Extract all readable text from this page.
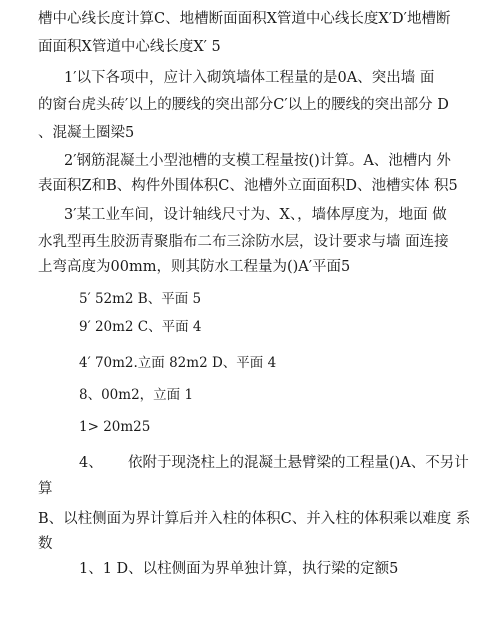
槽中心线长度计算C、地槽断面面积X管道中心线长度X′D′地槽断
面面积X管道中心线长度X′ 5
1′以下各项中，应计入砌筑墙体工程量的是0A、突出墙 面
的窗台虎头砖′以上的腰线的突出部分C′以上的腰线的突出部分 D
、混凝土圈梁5
2′钢筋混凝土小型池槽的支模工程量按()计算。A、池槽内 外
表面积Z和B、构件外围体积C、池槽外立面面积D、池槽实体 积5
3′某工业车间，设计轴线尺寸为、X、，墙体厚度为，地面 做
水乳型再生胶沥青聚脂布二布三涂防水层，设计要求与墙 面连接
上弯高度为00mm，则其防水工程量为()A′平面5
5′ 52m2 B、平面 5
9′ 20m2 C、平面 4
4′ 70m2.立面 82m2 D、平面 4
8、00m2，立面 1
1> 20m25
4、 依附于现浇柱上的混凝土悬臂梁的工程量()A、不另计
算
B、以柱侧面为界计算后并入柱的体积C、并入柱的体积乘以难度 系
数
1、1 D、以柱侧面为界单独计算，执行梁的定额5
